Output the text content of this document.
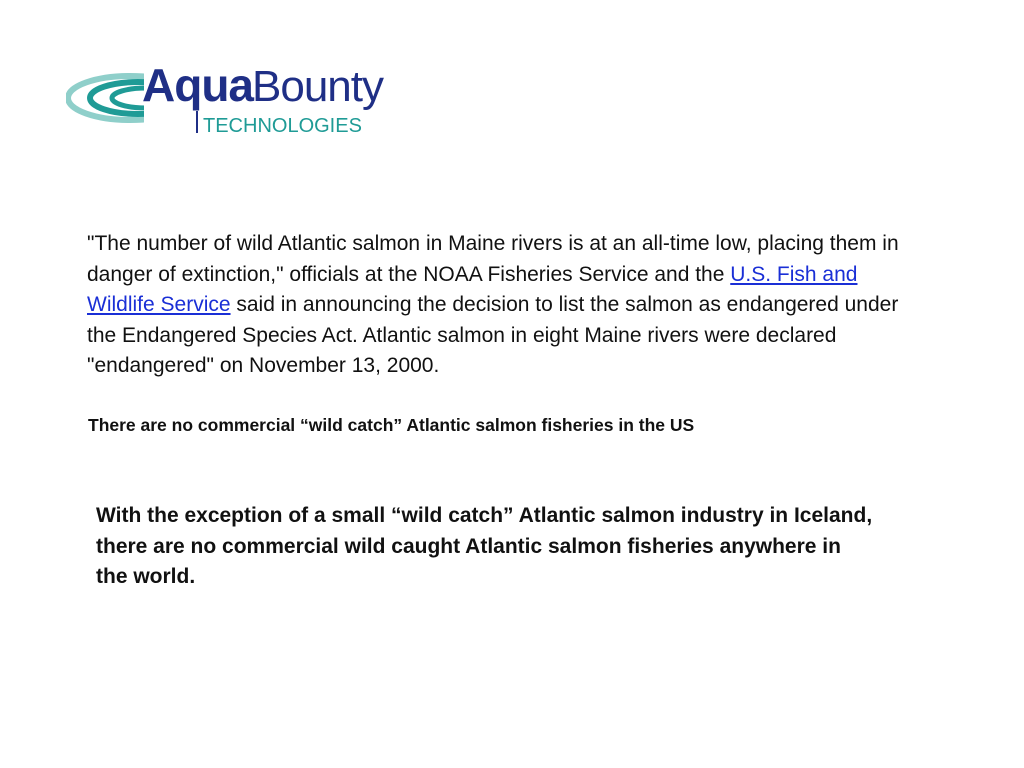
Aqua Bounty
TECHNOLOGIES

"The number of wild Atlantic salmon in Maine rivers is at an all-time low, placing them in danger of extinction," officials at the NOAA Fisheries Service and the U.S. Fish and Wildlife Service said in announcing the decision to list the salmon as endangered under the Endangered Species Act. Atlantic salmon in eight Maine rivers were declared "endangered" on November 13, 2000.

There are no commercial “wild catch” Atlantic salmon fisheries in the US

With the exception of a small “wild catch” Atlantic salmon industry in Iceland, there are no commercial wild caught Atlantic salmon fisheries anywhere in the world.
